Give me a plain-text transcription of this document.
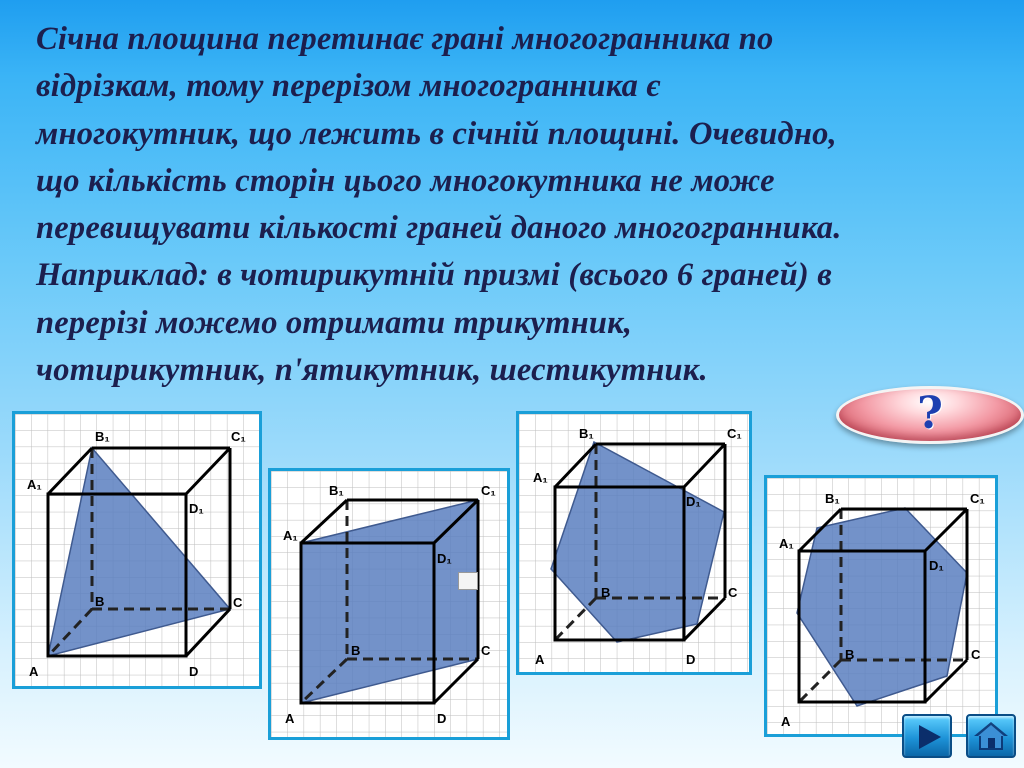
Січна площина перетинає грані многогранника по
відрізкам, тому перерізом многогранника є
многокутник, що лежить в січній площині. Очевидно,
що кількість сторін цього многокутника не може
перевищувати кількості граней даного многогранника.
Наприклад: в чотирикутній призмі (всього 6 граней) в
перерізі можемо отримати трикутник,
чотирикутник, п'ятикутник, шестикутник.
?
B₁	C₁
A₁
D₁
B	C
A	D
B₁	C₁
A₁
D₁
B	C
A	D
B₁	C₁
A₁
D₁
B	C
A	D
B₁	C₁
A₁
D₁
B	C
A
